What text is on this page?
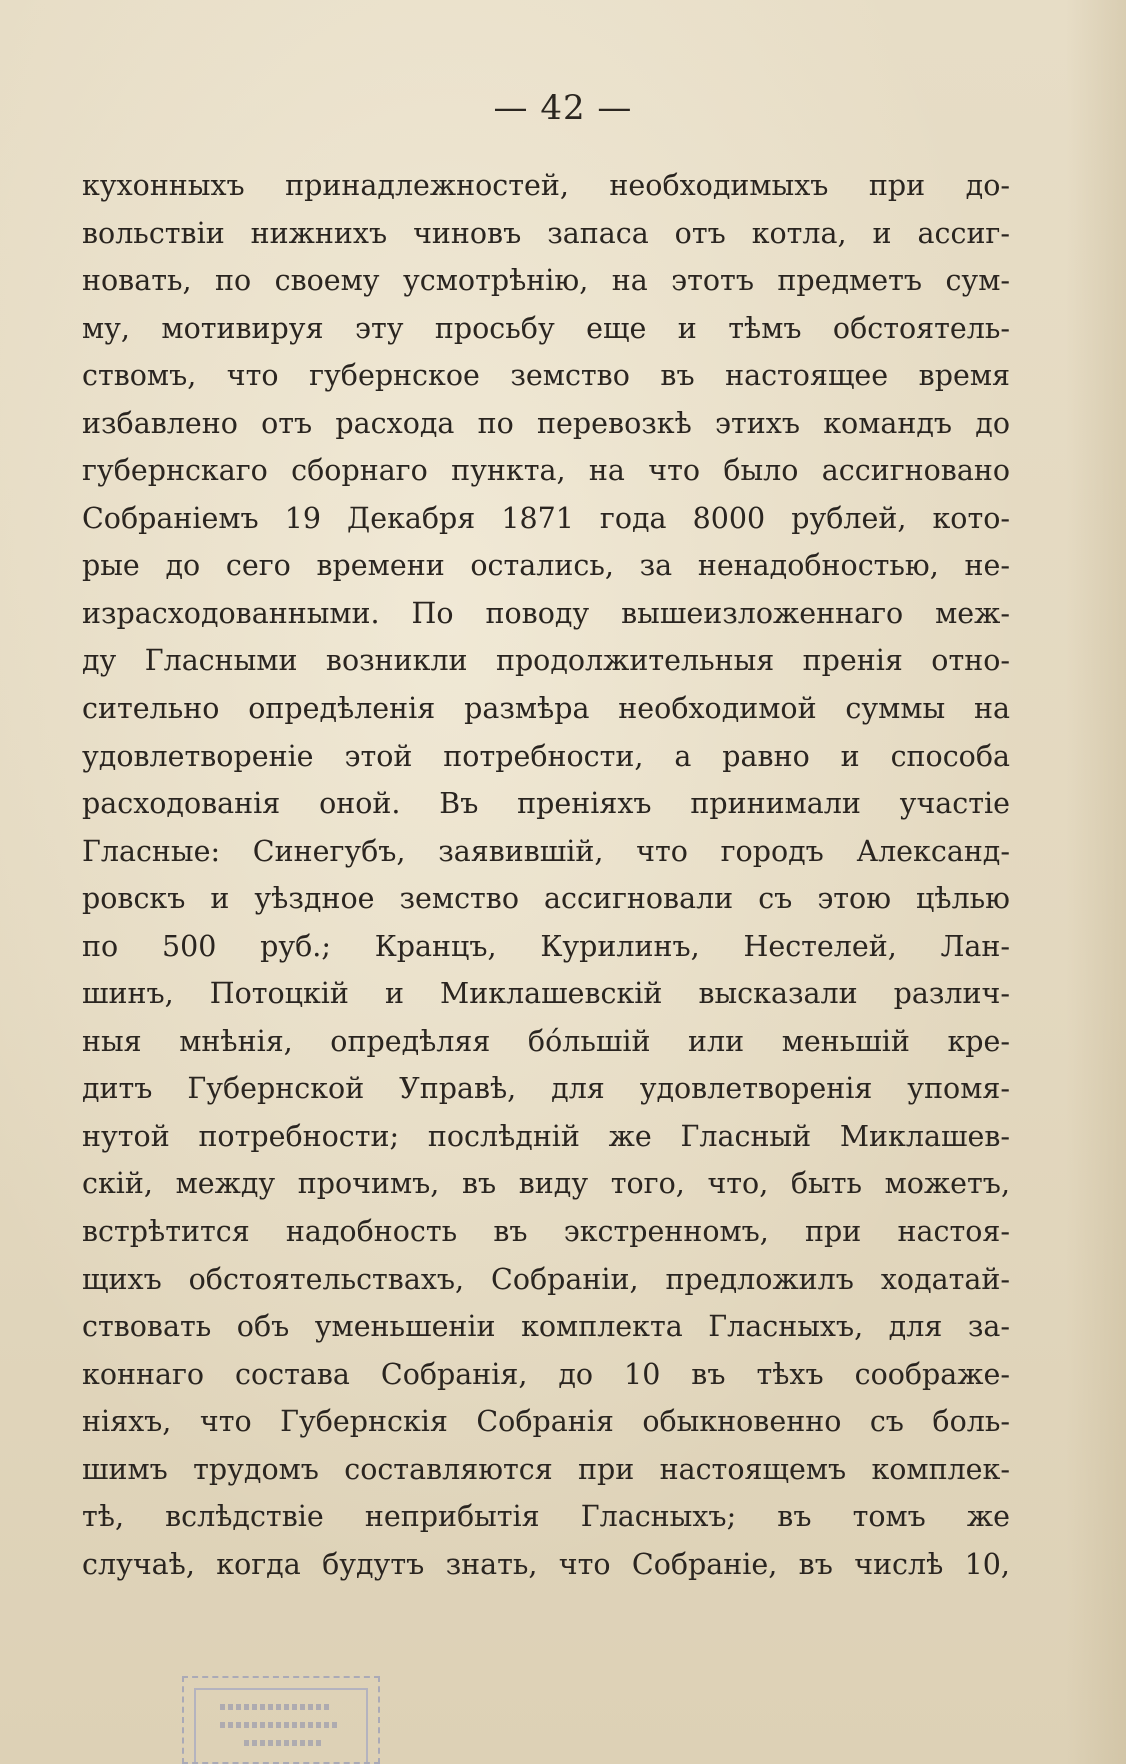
— 42 —
кухонныхъ принадлежностей, необходимыхъ при до-
вольствіи нижнихъ чиновъ запаса отъ котла, и ассиг-
новать, по своему усмотрѣнію, на этотъ предметъ сум-
му, мотивируя эту просьбу еще и тѣмъ обстоятель-
ствомъ, что губернское земство въ настоящее время
избавлено отъ расхода по перевозкѣ этихъ командъ до
губернскаго сборнаго пункта, на что было ассигновано
Собраніемъ 19 Декабря 1871 года 8000 рублей, кото-
рые до сего времени остались, за ненадобностью, не-
израсходованными. По поводу вышеизложеннаго меж-
ду Гласными возникли продолжительныя пренія отно-
сительно опредѣленія размѣра необходимой суммы на
удовлетвореніе этой потребности, а равно и способа
расходованія оной. Въ преніяхъ принимали участіе
Гласные: Синегубъ, заявившій, что городъ Александ-
ровскъ и уѣздное земство ассигновали съ этою цѣлью
по 500 руб.; Кранцъ, Курилинъ, Нестелей, Лан-
шинъ, Потоцкій и Миклашевскій высказали различ-
ныя мнѣнія, опредѣляя бóльшій или меньшій кре-
дитъ Губернской Управѣ, для удовлетворенія упомя-
нутой потребности; послѣдній же Гласный Миклашев-
скій, между прочимъ, въ виду того, что, быть можетъ,
встрѣтится надобность въ экстренномъ, при настоя-
щихъ обстоятельствахъ, Собраніи, предложилъ ходатай-
ствовать объ уменьшеніи комплекта Гласныхъ, для за-
коннаго состава Собранія, до 10 въ тѣхъ соображе-
ніяхъ, что Губернскія Собранія обыкновенно съ боль-
шимъ трудомъ составляются при настоящемъ комплек-
тѣ, вслѣдствіе неприбытія Гласныхъ; въ томъ же
случаѣ, когда будутъ знать, что Собраніе, въ числѣ 10,
